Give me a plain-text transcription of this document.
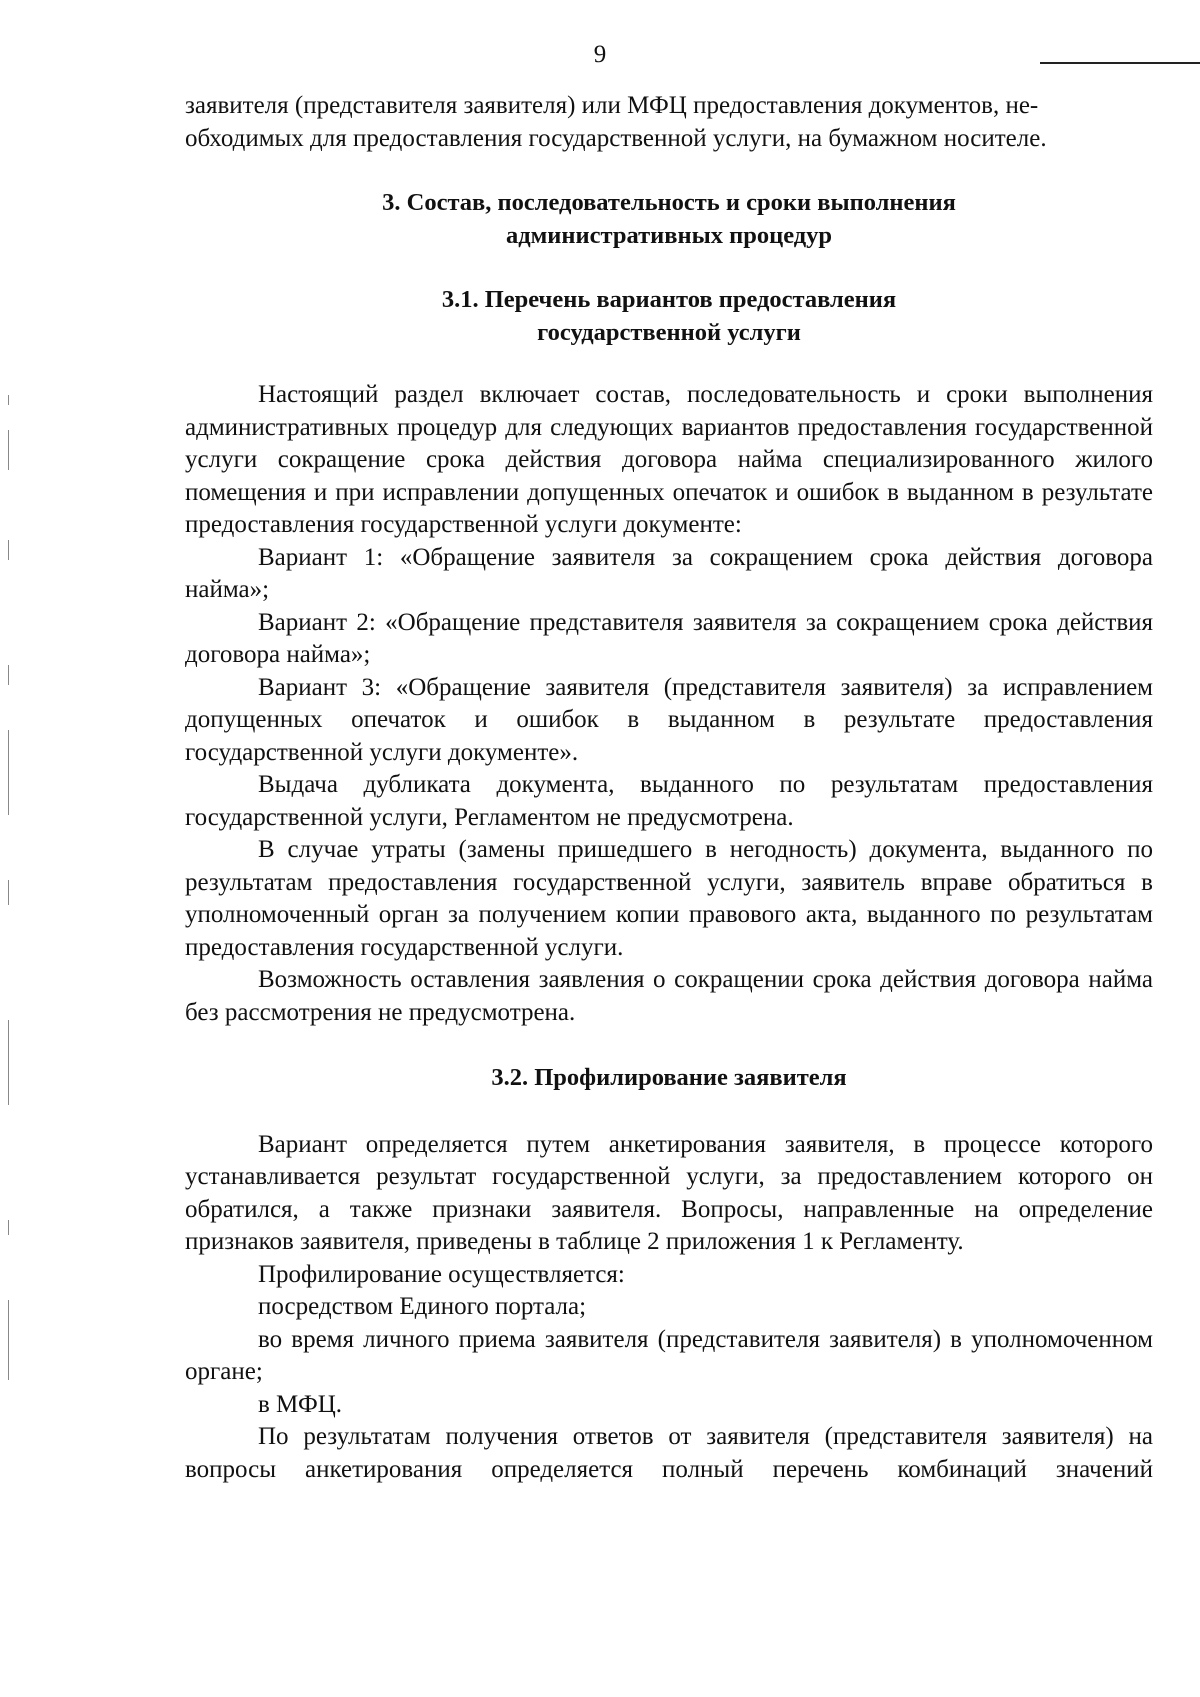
9

заявителя (представителя заявителя) или МФЦ предоставления документов, не-

обходимых для предоставления государственной услуги, на бумажном носителе.

3. Состав, последовательность и сроки выполнения
административных процедур
3.1. Перечень вариантов предоставления
государственной услуги

Настоящий раздел включает состав, последовательность и сроки выполнения административных процедур для следующих вариантов предоставления государственной услуги сокращение срока действия договора найма специализированного жилого помещения и при исправлении допущенных опечаток и ошибок в выданном в результате предоставления государственной услуги документе:

Вариант 1: «Обращение заявителя за сокращением срока действия договора найма»;

Вариант 2: «Обращение представителя заявителя за сокращением срока действия договора найма»;

Вариант 3: «Обращение заявителя (представителя заявителя) за исправлением допущенных опечаток и ошибок в выданном в результате предоставления государственной услуги документе».

Выдача дубликата документа, выданного по результатам предоставления государственной услуги, Регламентом не предусмотрена.

В случае утраты (замены пришедшего в негодность) документа, выданного по результатам предоставления государственной услуги, заявитель вправе обратиться в уполномоченный орган за получением копии правового акта, выданного по результатам предоставления государственной услуги.

Возможность оставления заявления о сокращении срока действия договора найма без рассмотрения не предусмотрена.

3.2. Профилирование заявителя

Вариант определяется путем анкетирования заявителя, в процессе которого устанавливается результат государственной услуги, за предоставлением которого он обратился, а также признаки заявителя. Вопросы, направленные на определение признаков заявителя, приведены в таблице 2 приложения 1 к Регламенту.

Профилирование осуществляется:

посредством Единого портала;

во время личного приема заявителя (представителя заявителя) в уполномоченном органе;

в МФЦ.

По результатам получения ответов от заявителя (представителя заявителя) на вопросы анкетирования определяется полный перечень комбинаций значений
